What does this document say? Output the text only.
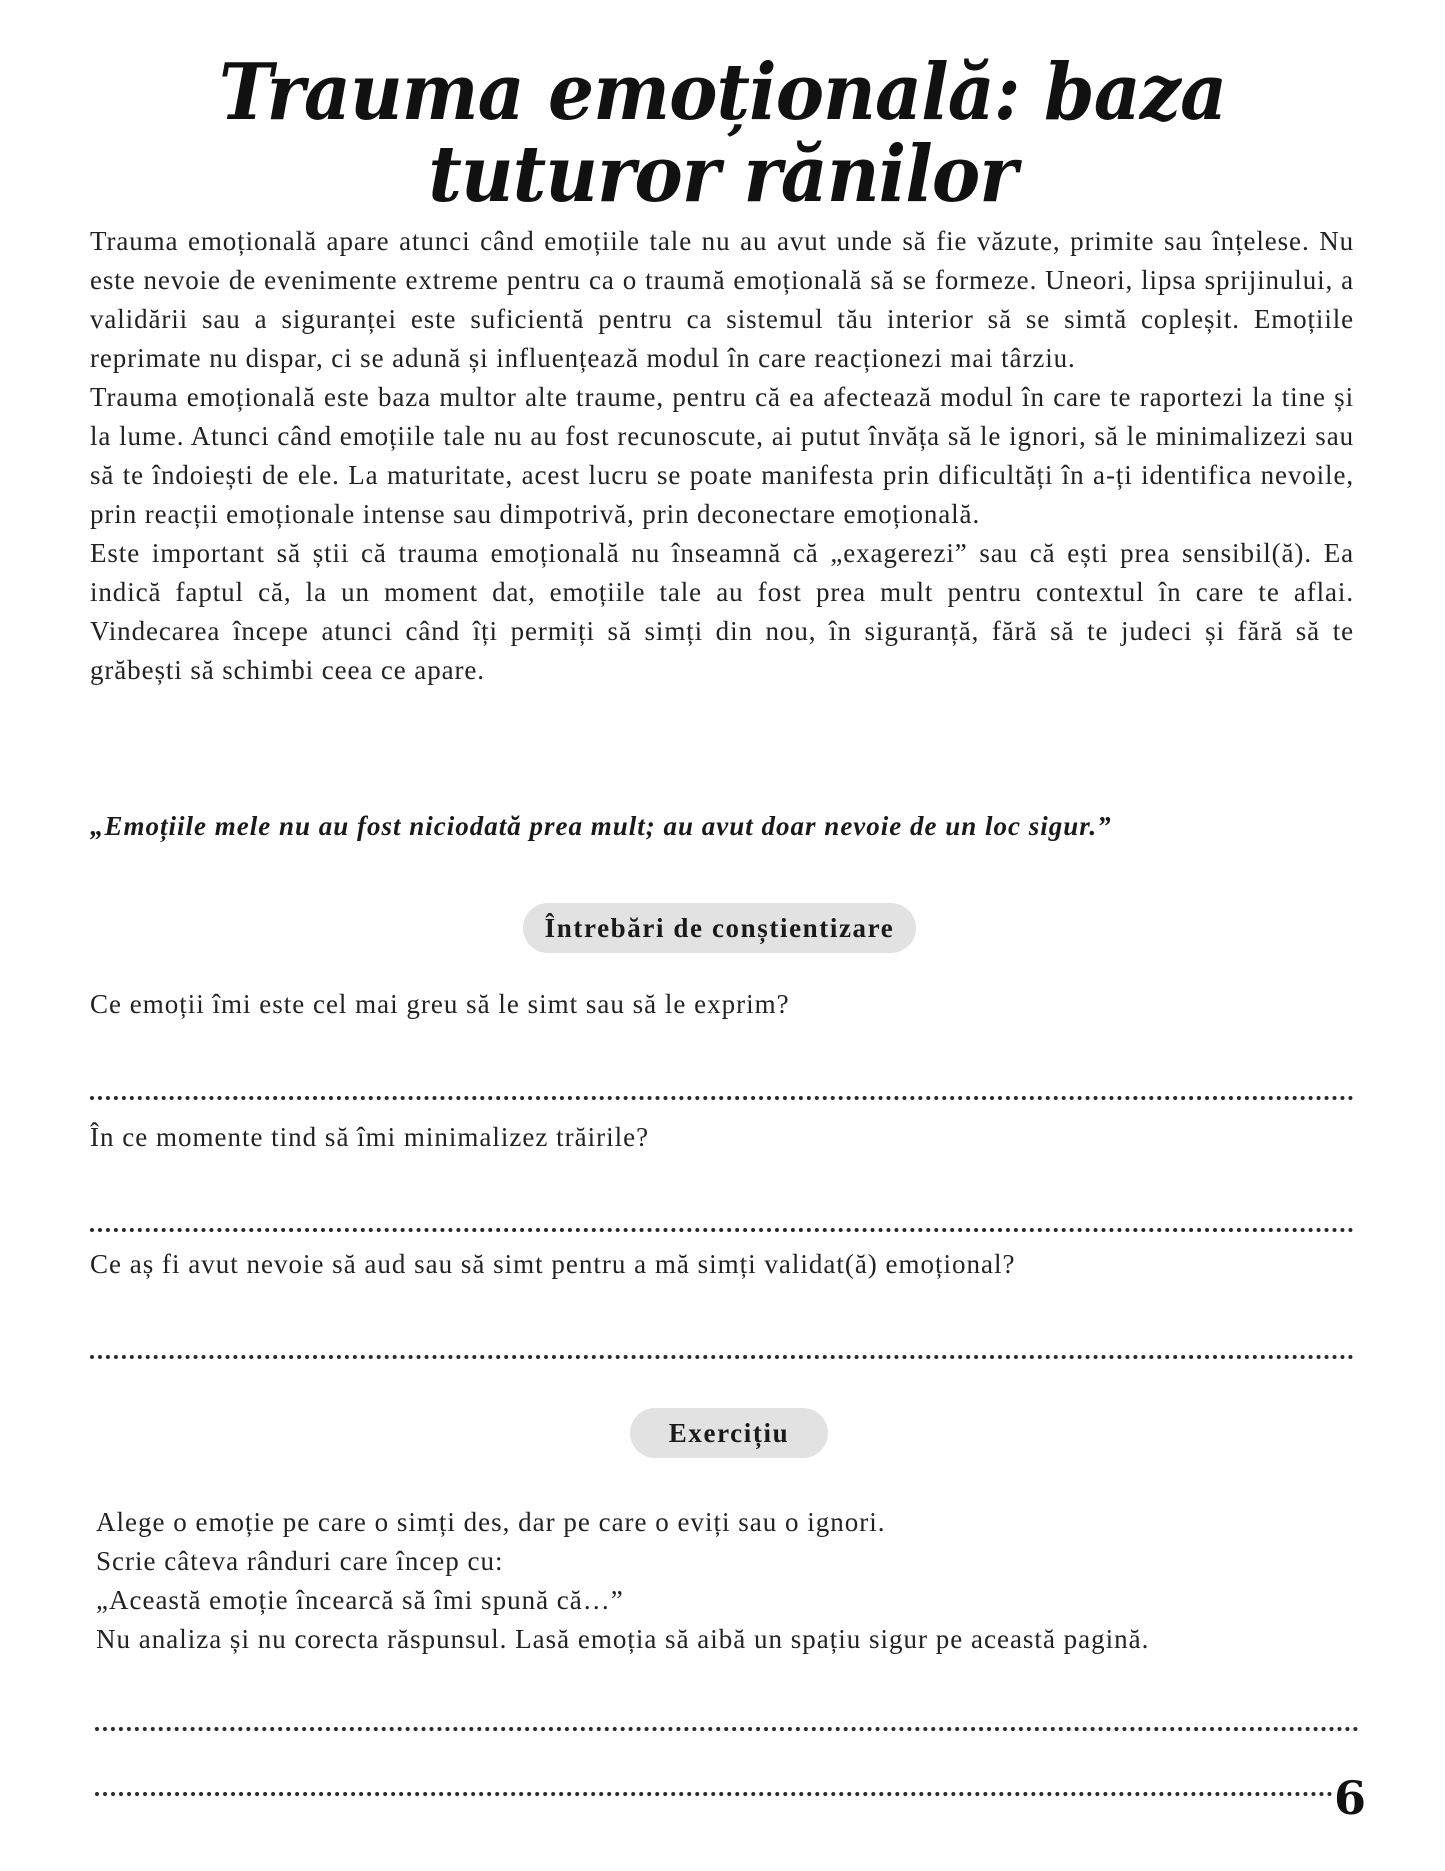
Trauma emoțională: baza tuturor rănilor

Trauma emoțională apare atunci când emoțiile tale nu au avut unde să fie văzute, primite sau înțelese. Nu este nevoie de evenimente extreme pentru ca o traumă emoțională să se formeze. Uneori, lipsa sprijinului, a validării sau a siguranței este suficientă pentru ca sistemul tău interior să se simtă copleșit. Emoțiile reprimate nu dispar, ci se adună și influențează modul în care reacționezi mai târziu.

Trauma emoțională este baza multor alte traume, pentru că ea afectează modul în care te raportezi la tine și la lume. Atunci când emoțiile tale nu au fost recunoscute, ai putut învăța să le ignori, să le minimalizezi sau să te îndoiești de ele. La maturitate, acest lucru se poate manifesta prin dificultăți în a-ți identifica nevoile, prin reacții emoționale intense sau dimpotrivă, prin deconectare emoțională.

Este important să știi că trauma emoțională nu înseamnă că „exagerezi” sau că ești prea sensibil(ă). Ea indică faptul că, la un moment dat, emoțiile tale au fost prea mult pentru contextul în care te aflai. Vindecarea începe atunci când îți permiți să simți din nou, în siguranță, fără să te judeci și fără să te grăbești să schimbi ceea ce apare.

„Emoțiile mele nu au fost niciodată prea mult; au avut doar nevoie de un loc sigur.”
Întrebări de conștientizare
Ce emoții îmi este cel mai greu să le simt sau să le exprim?
În ce momente tind să îmi minimalizez trăirile?
Ce aș fi avut nevoie să aud sau să simt pentru a mă simți validat(ă) emoțional?
Exercițiu
Alege o emoție pe care o simți des, dar pe care o eviți sau o ignori.
Scrie câteva rânduri care încep cu:
„Această emoție încearcă să îmi spună că…”
Nu analiza și nu corecta răspunsul. Lasă emoția să aibă un spațiu sigur pe această pagină.
6
